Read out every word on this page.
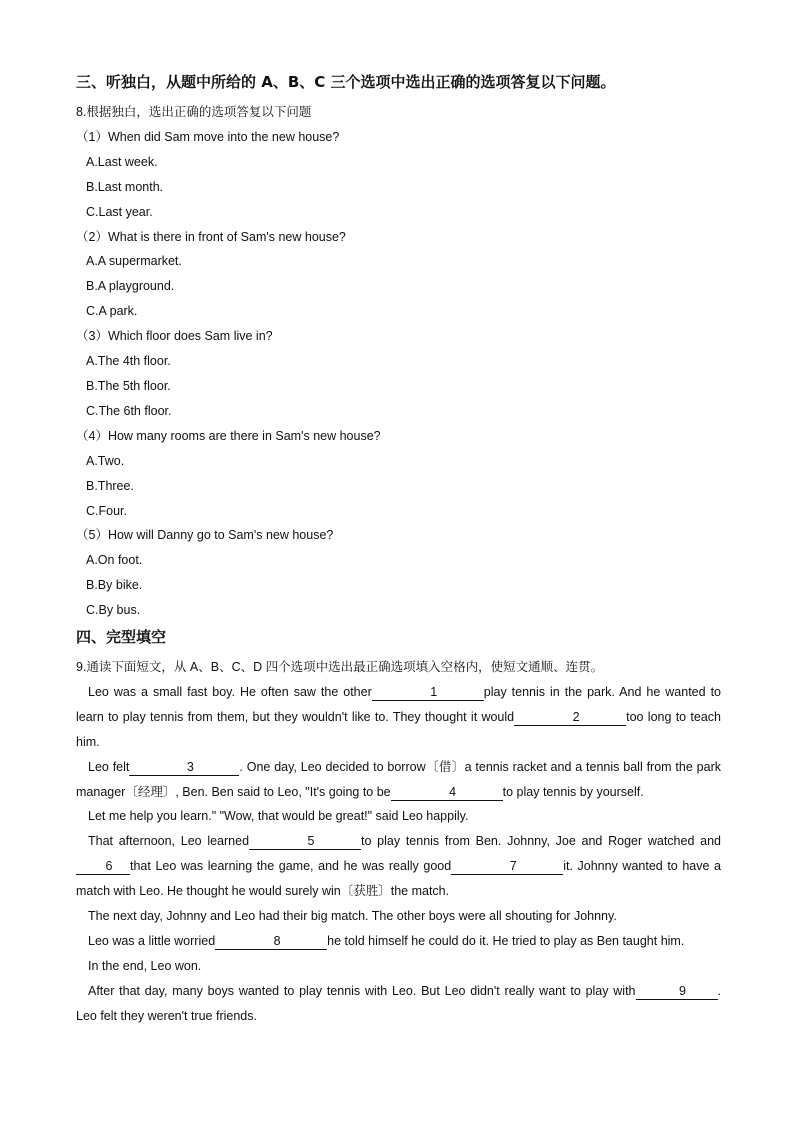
三、听独白，从题中所给的 A、B、C 三个选项中选出正确的选项答复以下问题。
8.根据独白，选出正确的选项答复以下问题
（1）When did Sam move into the new house?
A.Last week.
B.Last month.
C.Last year.
（2）What is there in front of Sam's new house?
A.A supermarket.
B.A playground.
C.A park.
（3）Which floor does Sam live in?
A.The 4th floor.
B.The 5th floor.
C.The 6th floor.
（4）How many rooms are there in Sam's new house?
A.Two.
B.Three.
C.Four.
（5）How will Danny go to Sam's new house?
A.On foot.
B.By bike.
C.By bus.
四、完型填空
9.通读下面短文，从 A、B、C、D 四个选项中选出最正确选项填入空格内，使短文通顺、连贯。
Leo was a small fast boy. He often saw the other	1	play tennis in the park. And he wanted to learn to play tennis from them, but they wouldn't like to. They thought it would	2	too long to teach him.
Leo felt	3	. One day, Leo decided to borrow〔借〕a tennis racket and a tennis ball from the park manager〔经理〕, Ben. Ben said to Leo, "It's going to be	4	to play tennis by yourself.
Let me help you learn." "Wow, that would be great!" said Leo happily.
That afternoon, Leo learned	5	to play tennis from Ben. Johnny, Joe and Roger watched and6 that Leo was learning the game, and he was really good	7	it. Johnny wanted to have a match with Leo. He thought he would surely win〔获胜〕the match.
The next day, Johnny and Leo had their big match. The other boys were all shouting for Johnny.
Leo was a little worried	8	he told himself he could do it. He tried to play as Ben taught him.
In the end, Leo won.
After that day, many boys wanted to play tennis with Leo. But Leo didn't really want to play with	9	. Leo felt they weren't true friends.
